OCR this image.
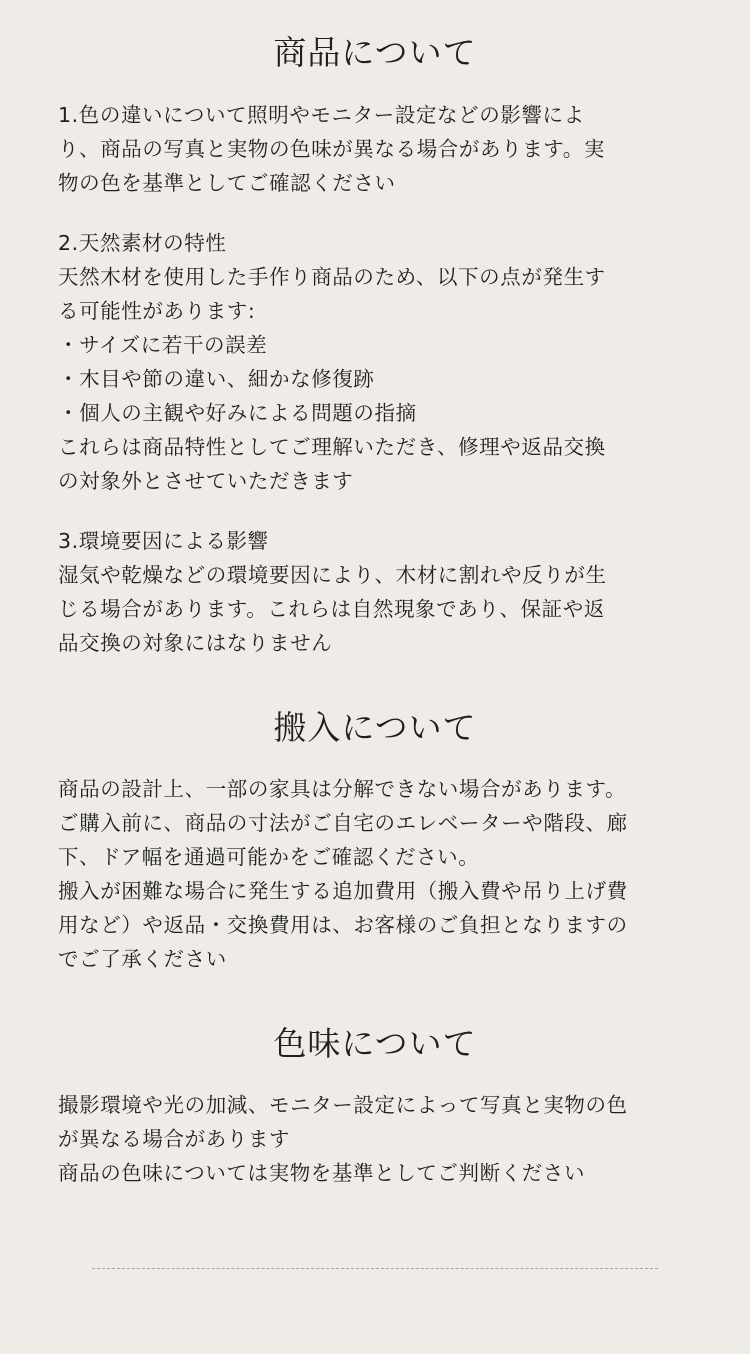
商品について

1.色の違いについて照明やモニター設定などの影響によ
り、商品の写真と実物の色味が異なる場合があります。実
物の色を基準としてご確認ください

2.天然素材の特性
天然木材を使用した手作り商品のため、以下の点が発生す
る可能性があります:
・サイズに若干の誤差
・木目や節の違い、細かな修復跡
・個人の主観や好みによる問題の指摘
これらは商品特性としてご理解いただき、修理や返品交換
の対象外とさせていただきます

3.環境要因による影響
湿気や乾燥などの環境要因により、木材に割れや反りが生
じる場合があります。これらは自然現象であり、保証や返
品交換の対象にはなりません

搬入について

商品の設計上、一部の家具は分解できない場合があります。
ご購入前に、商品の寸法がご自宅のエレベーターや階段、廊
下、ドア幅を通過可能かをご確認ください。
搬入が困難な場合に発生する追加費用（搬入費や吊り上げ費
用など）や返品・交換費用は、お客様のご負担となりますの
でご了承ください

色味について

撮影環境や光の加減、モニター設定によって写真と実物の色
が異なる場合があります
商品の色味については実物を基準としてご判断ください
